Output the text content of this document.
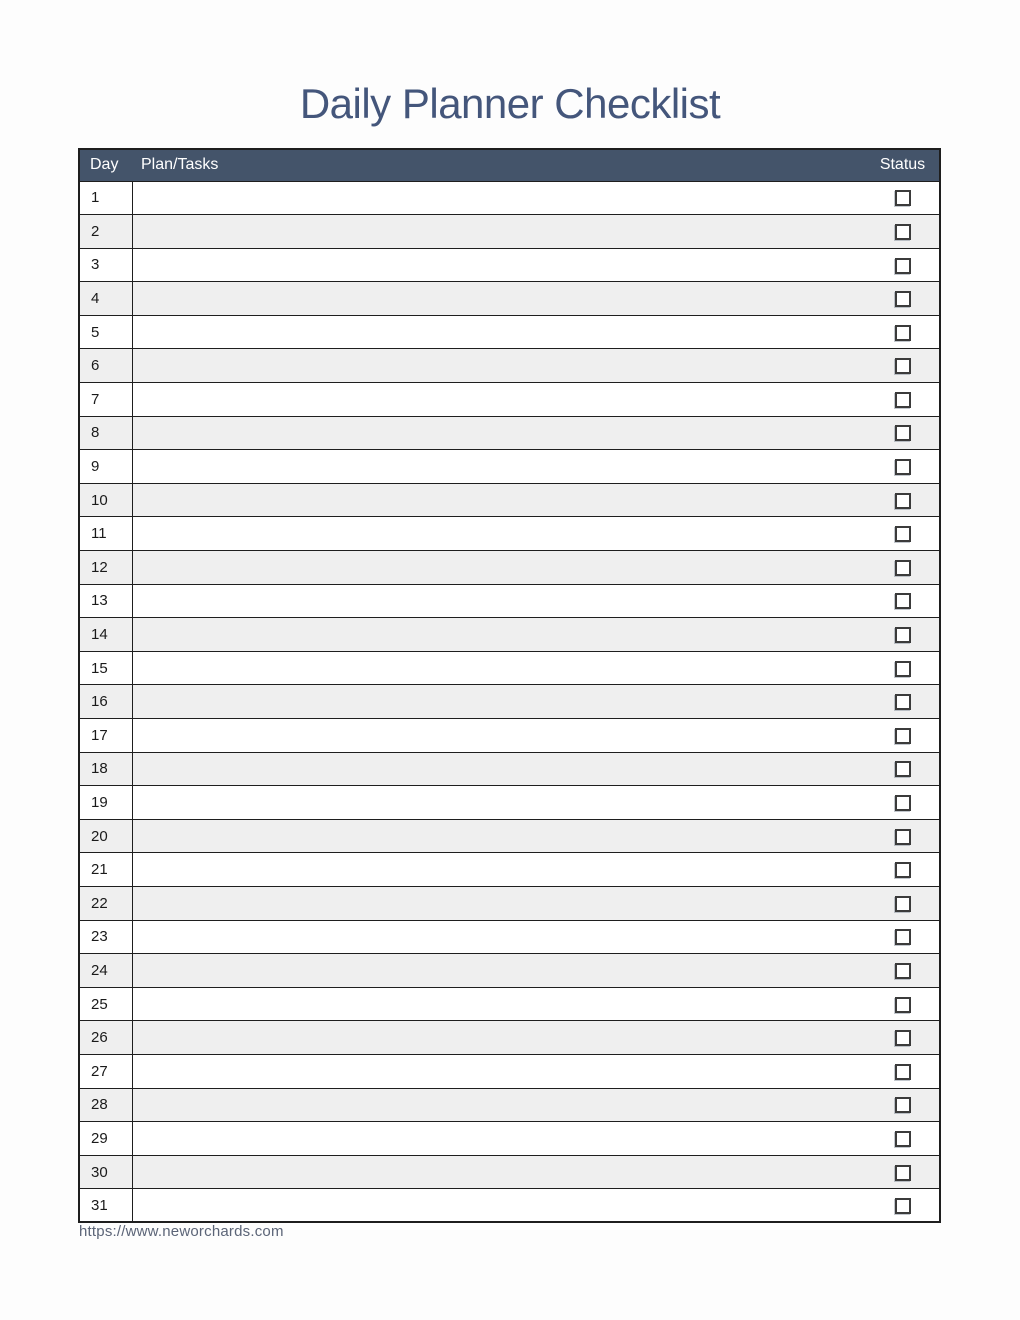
Daily Planner Checklist
Day	Plan/Tasks	Status
1		
2		
3		
4		
5		
6		
7		
8		
9		
10		
11		
12		
13		
14		
15		
16		
17		
18		
19		
20		
21		
22		
23		
24		
25		
26		
27		
28		
29		
30		
31		
https://www.neworchards.com
